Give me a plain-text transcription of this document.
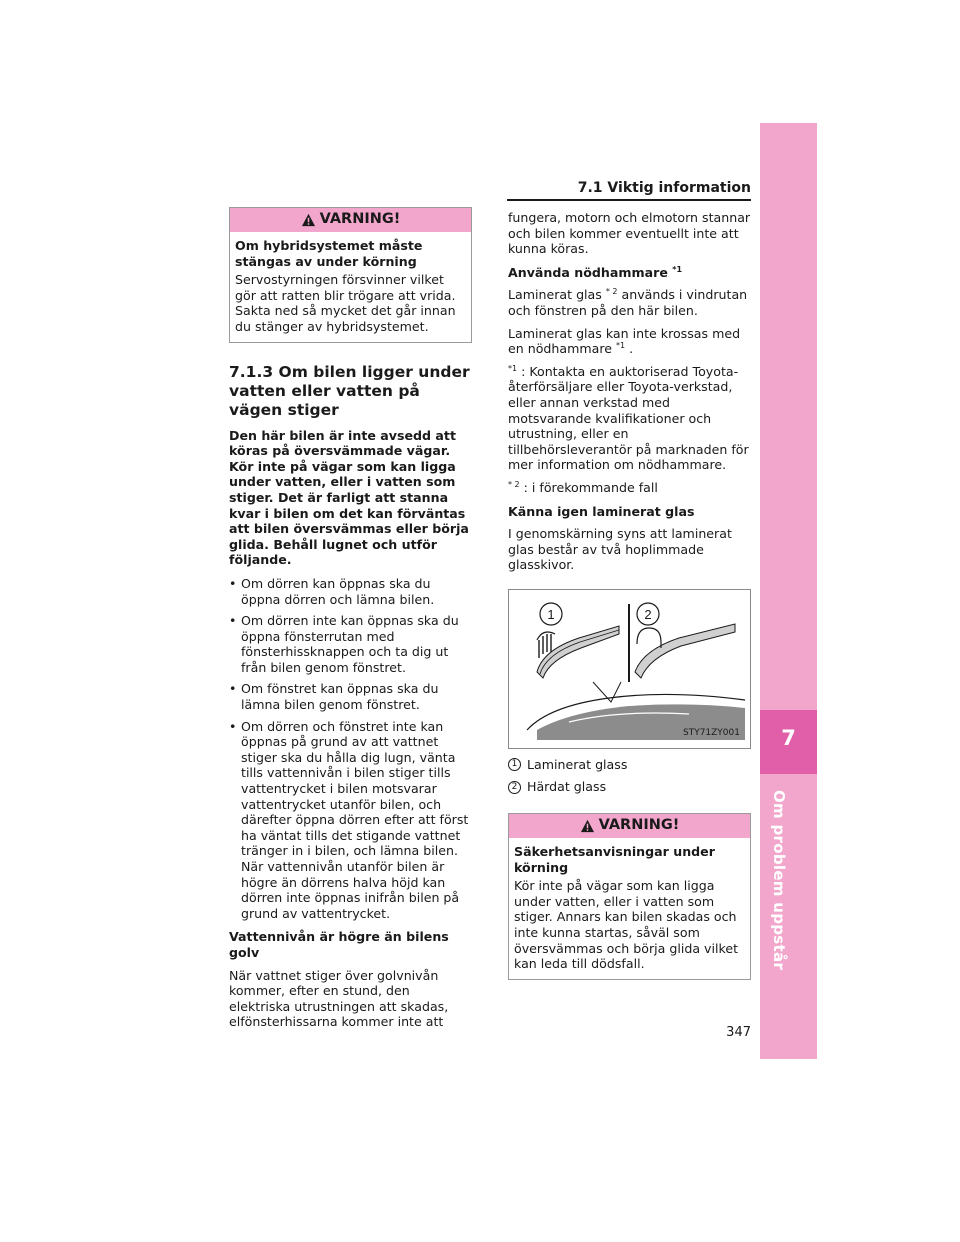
7
Om problem uppstår
7.1 Viktig information
VARNING!
Om hybridsystemet måste stängas av under körning
Servostyrningen försvinner vilket gör att ratten blir trögare att vrida. Sakta ned så mycket det går innan du stänger av hybridsystemet.
7.1.3 Om bilen ligger under vatten eller vatten på vägen stiger
Den här bilen är inte avsedd att köras på översvämmade vägar. Kör inte på vägar som kan ligga under vatten, eller i vatten som stiger. Det är farligt att stanna kvar i bilen om det kan förväntas att bilen översvämmas eller börja glida. Behåll lugnet och utför följande.
• Om dörren kan öppnas ska du öppna dörren och lämna bilen.
• Om dörren inte kan öppnas ska du öppna fönsterrutan med fönsterhissknappen och ta dig ut från bilen genom fönstret.
• Om fönstret kan öppnas ska du lämna bilen genom fönstret.
• Om dörren och fönstret inte kan öppnas på grund av att vattnet stiger ska du hålla dig lugn, vänta tills vattennivån i bilen stiger tills vattentrycket i bilen motsvarar vattentrycket utanför bilen, och därefter öppna dörren efter att först ha väntat tills det stigande vattnet tränger in i bilen, och lämna bilen. När vattennivån utanför bilen är högre än dörrens halva höjd kan dörren inte öppnas inifrån bilen på grund av vattentrycket.
Vattennivån är högre än bilens golv
När vattnet stiger över golvnivån kommer, efter en stund, den elektriska utrustningen att skadas, elfönsterhissarna kommer inte att
fungera, motorn och elmotorn stannar och bilen kommer eventuellt inte att kunna köras.
Använda nödhammare $^{*1}$
Laminerat glas $^{* 2}$ används i vindrutan och fönstren på den här bilen.
Laminerat glas kan inte krossas med en nödhammare $^{*1}$ .
$^{*1}$ : Kontakta en auktoriserad Toyota-återförsäljare eller Toyota-verkstad, eller annan verkstad med motsvarande kvalifikationer och utrustning, eller en tillbehörsleverantör på marknaden för mer information om nödhammare.
$^{* 2}$ : i förekommande fall
Känna igen laminerat glas
I genomskärning syns att laminerat glas består av två hoplimmade glasskivor.
1	2
STY71ZY001
1 Laminerat glass
2 Härdat glass
VARNING!
Säkerhetsanvisningar under körning
Kör inte på vägar som kan ligga under vatten, eller i vatten som stiger. Annars kan bilen skadas och inte kunna startas, såväl som översvämmas och börja glida vilket kan leda till dödsfall.
347
